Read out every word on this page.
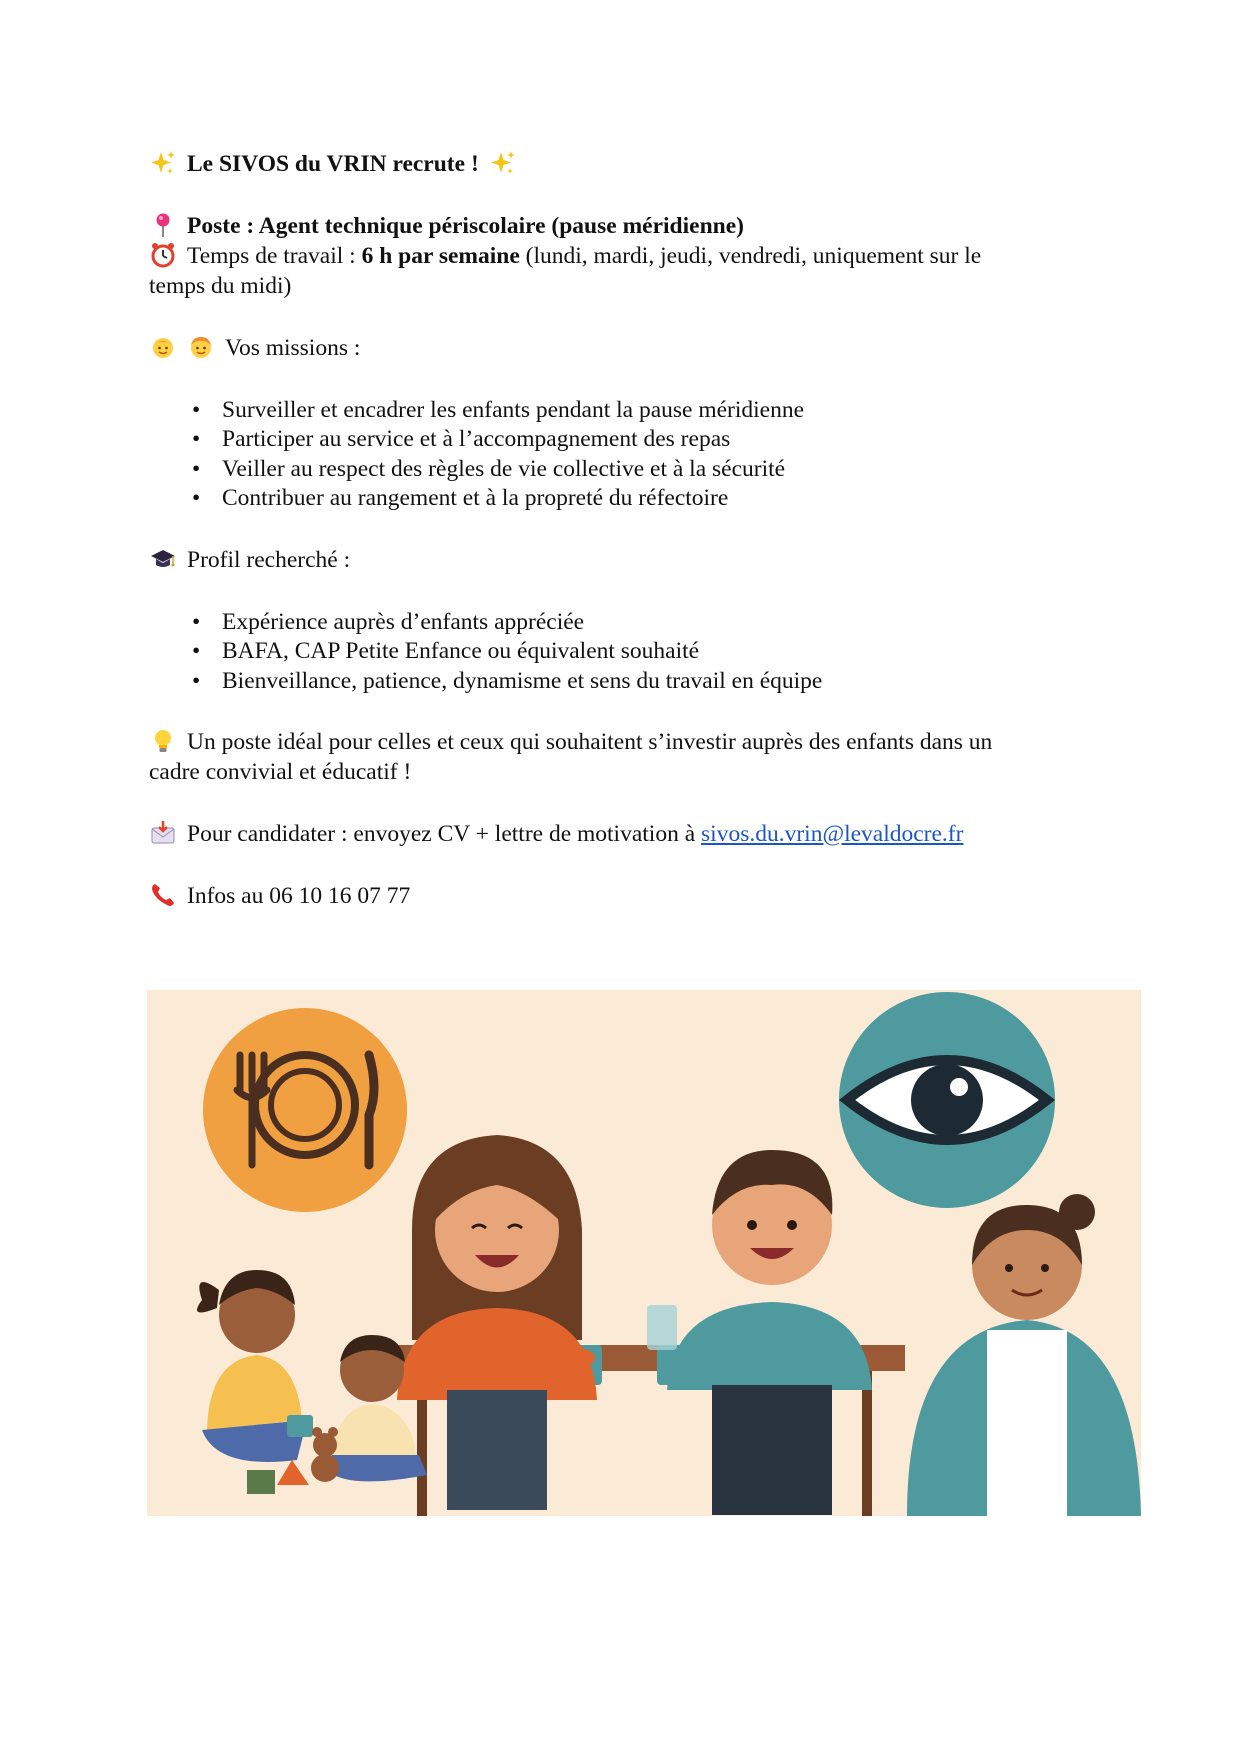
Le SIVOS du VRIN recrute !
Poste : Agent technique périscolaire (pause méridienne)
Temps de travail : 6 h par semaine (lundi, mardi, jeudi, vendredi, uniquement sur le
temps du midi)
Vos missions :
• Surveiller et encadrer les enfants pendant la pause méridienne
• Participer au service et à l’accompagnement des repas
• Veiller au respect des règles de vie collective et à la sécurité
• Contribuer au rangement et à la propreté du réfectoire
Profil recherché :
• Expérience auprès d’enfants appréciée
• BAFA, CAP Petite Enfance ou équivalent souhaité
• Bienveillance, patience, dynamisme et sens du travail en équipe
Un poste idéal pour celles et ceux qui souhaitent s’investir auprès des enfants dans un
cadre convivial et éducatif !
Pour candidater : envoyez CV + lettre de motivation à sivos.du.vrin@levaldocre.fr
Infos au 06 10 16 07 77
